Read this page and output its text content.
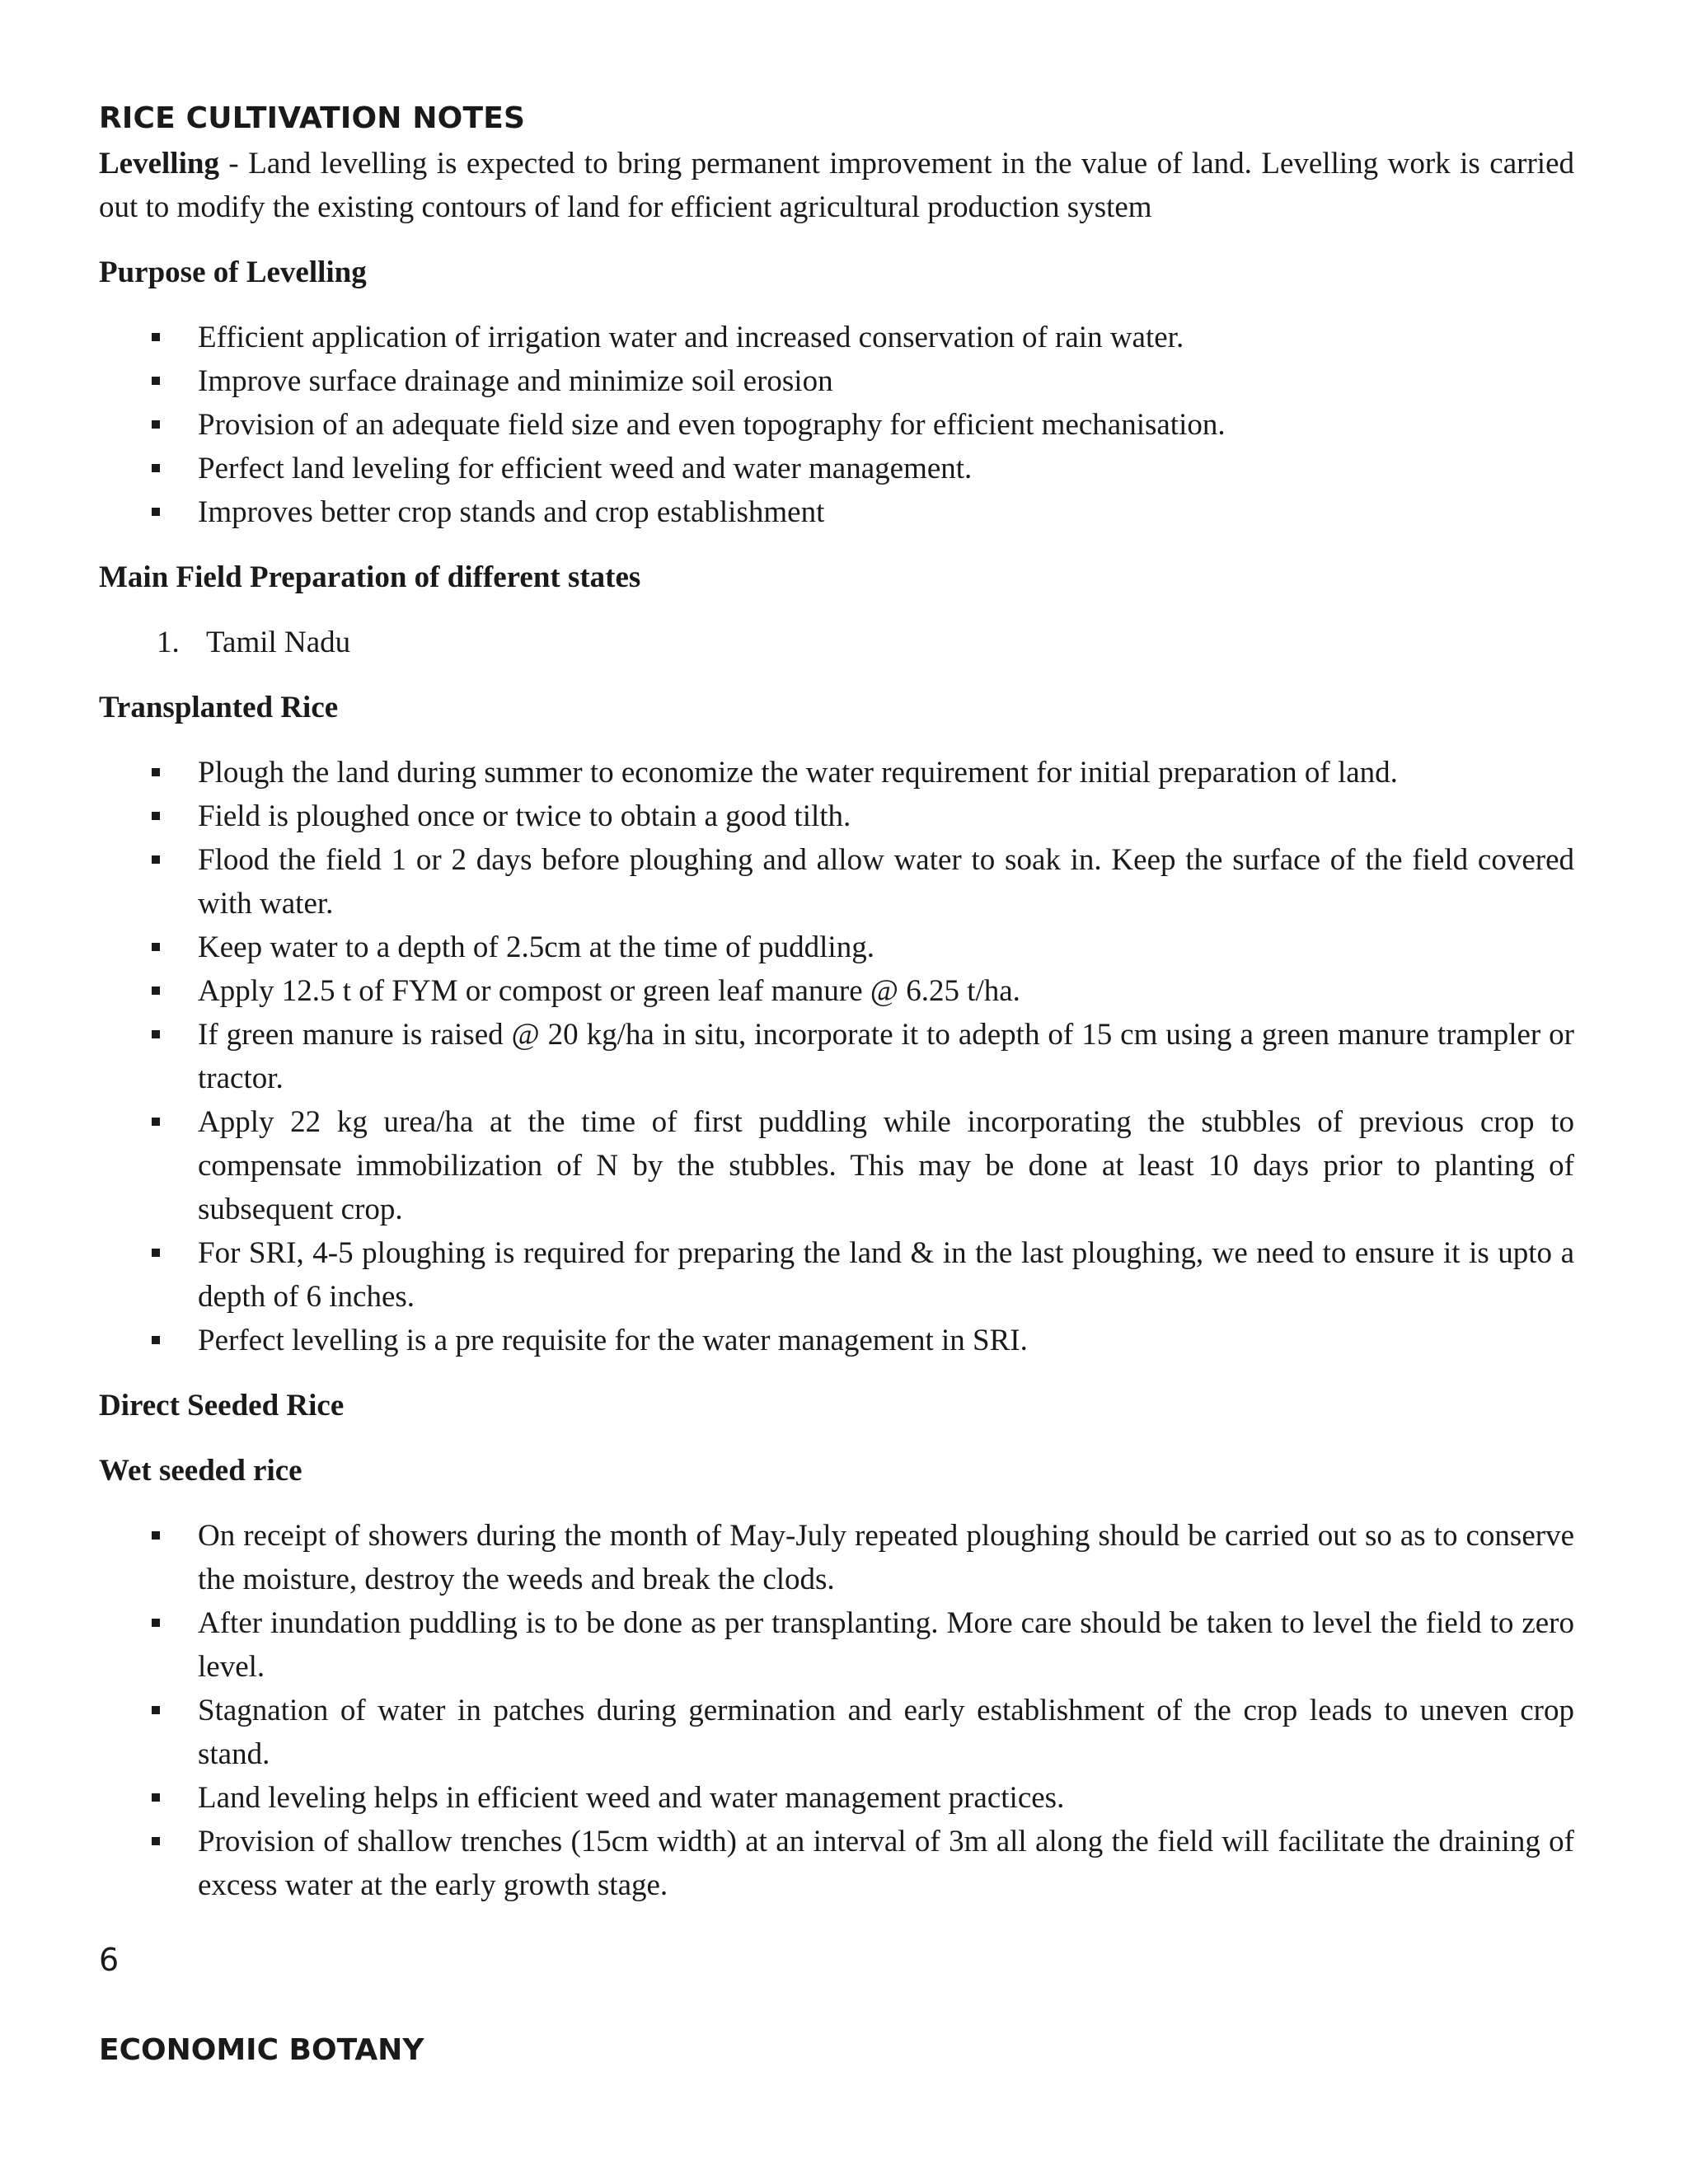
RICE CULTIVATION NOTES

Levelling - Land levelling is expected to bring permanent improvement in the value of land. Levelling work is carried out to modify the existing contours of land for efficient agricultural production system

Purpose of Levelling
Efficient application of irrigation water and increased conservation of rain water.
Improve surface drainage and minimize soil erosion
Provision of an adequate field size and even topography for efficient mechanisation.
Perfect land leveling for efficient weed and water management.
Improves better crop stands and crop establishment
Main Field Preparation of different states
1. Tamil Nadu
Transplanted Rice
Plough the land during summer to economize the water requirement for initial preparation of land.
Field is ploughed once or twice to obtain a good tilth.
Flood the field 1 or 2 days before ploughing and allow water to soak in. Keep the surface of the field covered with water.
Keep water to a depth of 2.5cm at the time of puddling.
Apply 12.5 t of FYM or compost or green leaf manure @ 6.25 t/ha.
If green manure is raised @ 20 kg/ha in situ, incorporate it to adepth of 15 cm using a green manure trampler or tractor.
Apply 22 kg urea/ha at the time of first puddling while incorporating the stubbles of previous crop to compensate immobilization of N by the stubbles. This may be done at least 10 days prior to planting of subsequent crop.
For SRI, 4-5 ploughing is required for preparing the land & in the last ploughing, we need to ensure it is upto a depth of 6 inches.
Perfect levelling is a pre requisite for the water management in SRI.
Direct Seeded Rice
Wet seeded rice
On receipt of showers during the month of May-July repeated ploughing should be carried out so as to conserve the moisture, destroy the weeds and break the clods.
After inundation puddling is to be done as per transplanting. More care should be taken to level the field to zero level.
Stagnation of water in patches during germination and early establishment of the crop leads to uneven crop stand.
Land leveling helps in efficient weed and water management practices.
Provision of shallow trenches (15cm width) at an interval of 3m all along the field will facilitate the draining of excess water at the early growth stage.

6

ECONOMIC BOTANY
